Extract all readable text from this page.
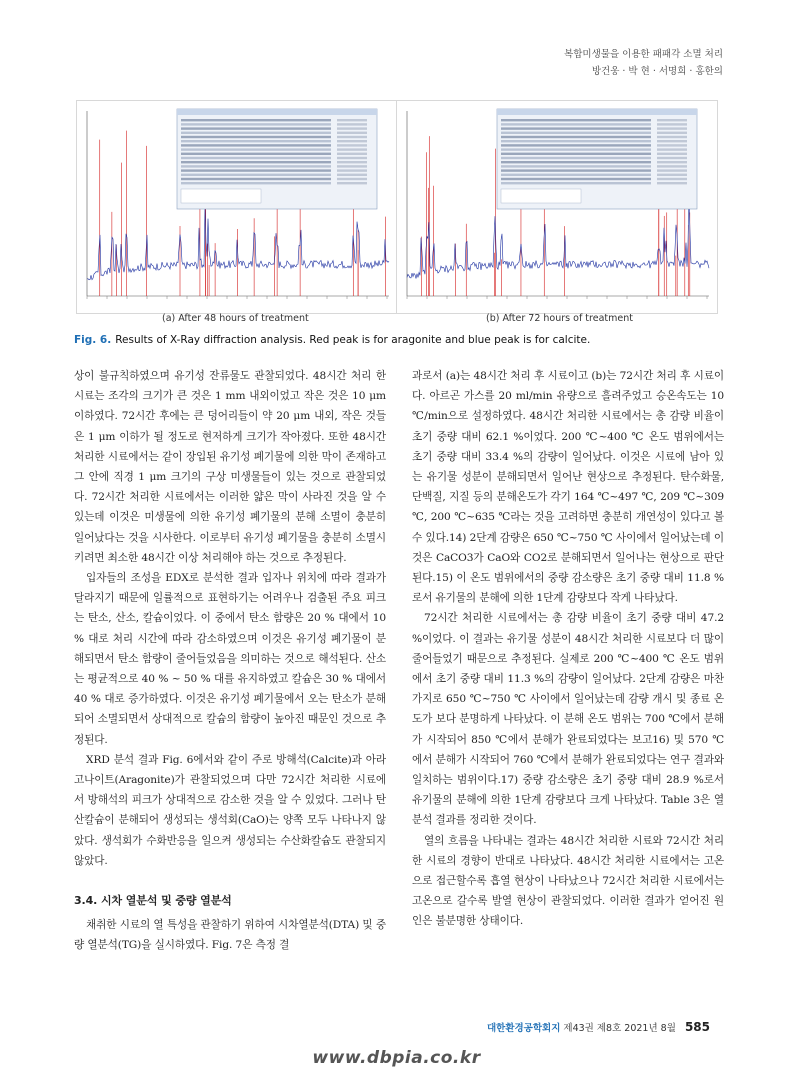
복합미생물을 이용한 패패각 소멸 처리
방건웅 · 박 현 · 서명희 · 홍한의
(a) After 48 hours of treatment	(b) After 72 hours of treatment
Fig. 6. Results of X-Ray diffraction analysis. Red peak is for aragonite and blue peak is for calcite.

상이 불규칙하였으며 유기성 잔류물도 관찰되었다. 48시간 처리 한 시료는 조각의 크기가 큰 것은 1 mm 내외이었고 작은 것은 10 μm 이하였다. 72시간 후에는 큰 덩어리들이 약 20 μm 내외, 작은 것들은 1 μm 이하가 될 정도로 현저하게 크기가 작아졌다. 또한 48시간 처리한 시료에서는 같이 장입된 유기성 폐기물에 의한 막이 존재하고 그 안에 직경 1 μm 크기의 구상 미생물들이 있는 것으로 관찰되었다. 72시간 처리한 시료에서는 이러한 얇은 막이 사라진 것을 알 수 있는데 이것은 미생물에 의한 유기성 폐기물의 분해 소멸이 충분히 일어났다는 것을 시사한다. 이로부터 유기성 폐기물을 충분히 소멸시키려면 최소한 48시간 이상 처리해야 하는 것으로 추정된다.

입자들의 조성을 EDX로 분석한 결과 입자나 위치에 따라 결과가 달라지기 때문에 일률적으로 표현하기는 어려우나 검출된 주요 피크는 탄소, 산소, 칼슘이었다. 이 중에서 탄소 함량은 20 % 대에서 10 % 대로 처리 시간에 따라 감소하였으며 이것은 유기성 폐기물이 분해되면서 탄소 함량이 줄어들었음을 의미하는 것으로 해석된다. 산소는 평균적으로 40 % ~ 50 % 대를 유지하였고 칼슘은 30 % 대에서 40 % 대로 증가하였다. 이것은 유기성 폐기물에서 오는 탄소가 분해되어 소멸되면서 상대적으로 칼슘의 함량이 높아진 때문인 것으로 추정된다.

XRD 분석 결과 Fig. 6에서와 같이 주로 방해석(Calcite)과 아라고나이트(Aragonite)가 관찰되었으며 다만 72시간 처리한 시료에서 방해석의 피크가 상대적으로 감소한 것을 알 수 있었다. 그러나 탄산칼슘이 분해되어 생성되는 생석회(CaO)는 양쪽 모두 나타나지 않았다. 생석회가 수화반응을 일으켜 생성되는 수산화칼슘도 관찰되지 않았다.

3.4. 시차 열분석 및 중량 열분석

채취한 시료의 열 특성을 관찰하기 위하여 시차열분석(DTA) 및 중량 열분석(TG)을 실시하였다. Fig. 7은 측정 결

과로서 (a)는 48시간 처리 후 시료이고 (b)는 72시간 처리 후 시료이다. 아르곤 가스를 20 ml/min 유량으로 흘려주었고 승온속도는 10 ℃/min으로 설정하였다. 48시간 처리한 시료에서는 총 감량 비율이 초기 중량 대비 62.1 %이었다. 200 ℃~400 ℃ 온도 범위에서는 초기 중량 대비 33.4 %의 감량이 일어났다. 이것은 시료에 남아 있는 유기물 성분이 분해되면서 일어난 현상으로 추정된다. 탄수화물, 단백질, 지질 등의 분해온도가 각기 164 ℃~497 ℃, 209 ℃~309 ℃, 200 ℃~635 ℃라는 것을 고려하면 충분히 개연성이 있다고 볼 수 있다.14) 2단계 감량은 650 ℃~750 ℃ 사이에서 일어났는데 이것은 CaCO3가 CaO와 CO2로 분해되면서 일어나는 현상으로 판단된다.15) 이 온도 범위에서의 중량 감소량은 초기 중량 대비 11.8 %로서 유기물의 분해에 의한 1단계 감량보다 작게 나타났다.

72시간 처리한 시료에서는 총 감량 비율이 초기 중량 대비 47.2 %이었다. 이 결과는 유기물 성분이 48시간 처리한 시료보다 더 많이 줄어들었기 때문으로 추정된다. 실제로 200 ℃~400 ℃ 온도 범위에서 초기 중량 대비 11.3 %의 감량이 일어났다. 2단계 감량은 마찬가지로 650 ℃~750 ℃ 사이에서 일어났는데 감량 개시 및 종료 온도가 보다 분명하게 나타났다. 이 분해 온도 범위는 700 ℃에서 분해가 시작되어 850 ℃에서 분해가 완료되었다는 보고16) 및 570 ℃에서 분해가 시작되어 760 ℃에서 분해가 완료되었다는 연구 결과와 일치하는 범위이다.17) 중량 감소량은 초기 중량 대비 28.9 %로서 유기물의 분해에 의한 1단계 감량보다 크게 나타났다. Table 3은 열분석 결과를 정리한 것이다.

열의 흐름을 나타내는 결과는 48시간 처리한 시료와 72시간 처리한 시료의 경향이 반대로 나타났다. 48시간 처리한 시료에서는 고온으로 접근할수록 흡열 현상이 나타났으나 72시간 처리한 시료에서는 고온으로 갈수록 발열 현상이 관찰되었다. 이러한 결과가 얻어진 원인은 불분명한 상태이다.

대한환경공학회지 제43권 제8호 2021년 8월 585
www.dbpia.co.kr
